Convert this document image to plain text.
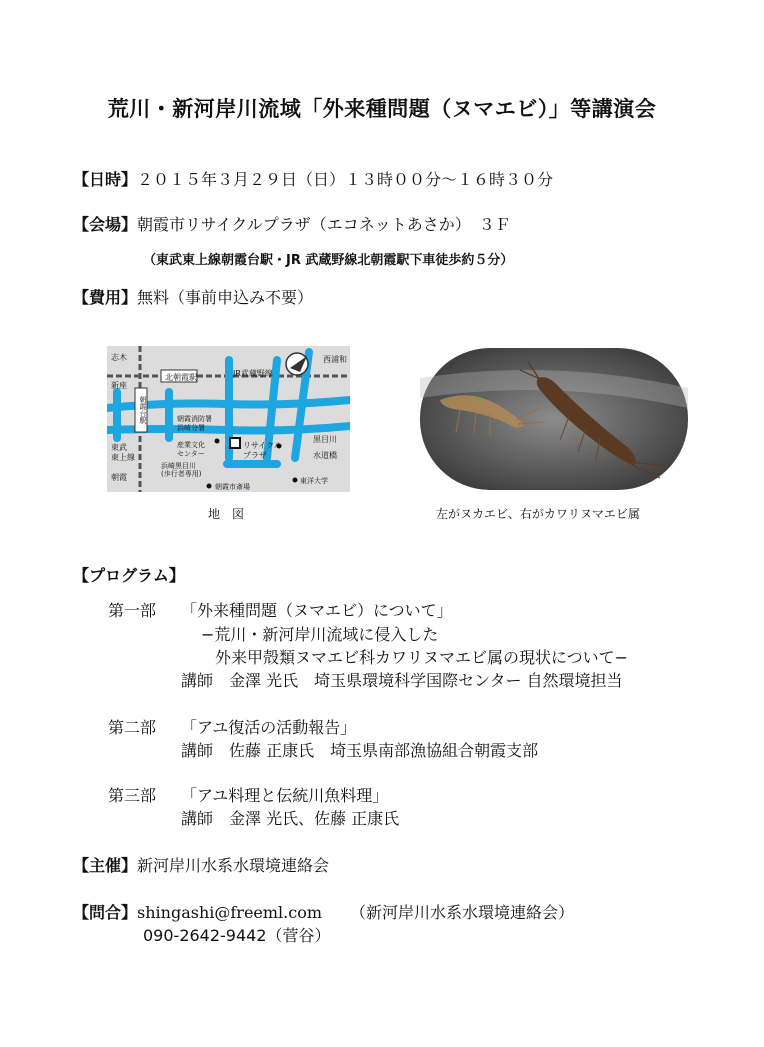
荒川・新河岸川流域「外来種問題（ヌマエビ）」等講演会
【日時】２０１５年３月２９日（日）１３時００分〜１６時３０分
【会場】朝霞市リサイクルプラザ（エコネットあさか）　３Ｆ
（東武東上線朝霞台駅・JR 武蔵野線北朝霞駅下車徒歩約５分）
【費用】無料（事前申込み不要）
志木
新座
北朝霞駅	JR武蔵野線
西浦和
朝霞台駅	朝霞消防署
浜崎分署
産業文化
センター
浜崎黒目川
(歩行者専用)
リサイクル
プラザ
黒目川
水道橋
朝霞市斎場
東洋大学
東武
東上線
朝霞
地　図	左がヌカエビ、右がカワリヌマエビ属
【プログラム】
第一部 「外来種問題（ヌマエビ）について」
−荒川・新河岸川流域に侵入した
外来甲殻類ヌマエビ科カワリヌマエビ属の現状について−
講師　金澤 光氏　埼玉県環境科学国際センター 自然環境担当
第二部 「アユ復活の活動報告」
講師　佐藤 正康氏　埼玉県南部漁協組合朝霞支部
第三部 「アユ料理と伝統川魚料理」
講師　金澤 光氏、佐藤 正康氏
【主催】新河岸川水系水環境連絡会
【問合】shingashi@freeml.com （新河岸川水系水環境連絡会）
090-2642-9442（菅谷）
